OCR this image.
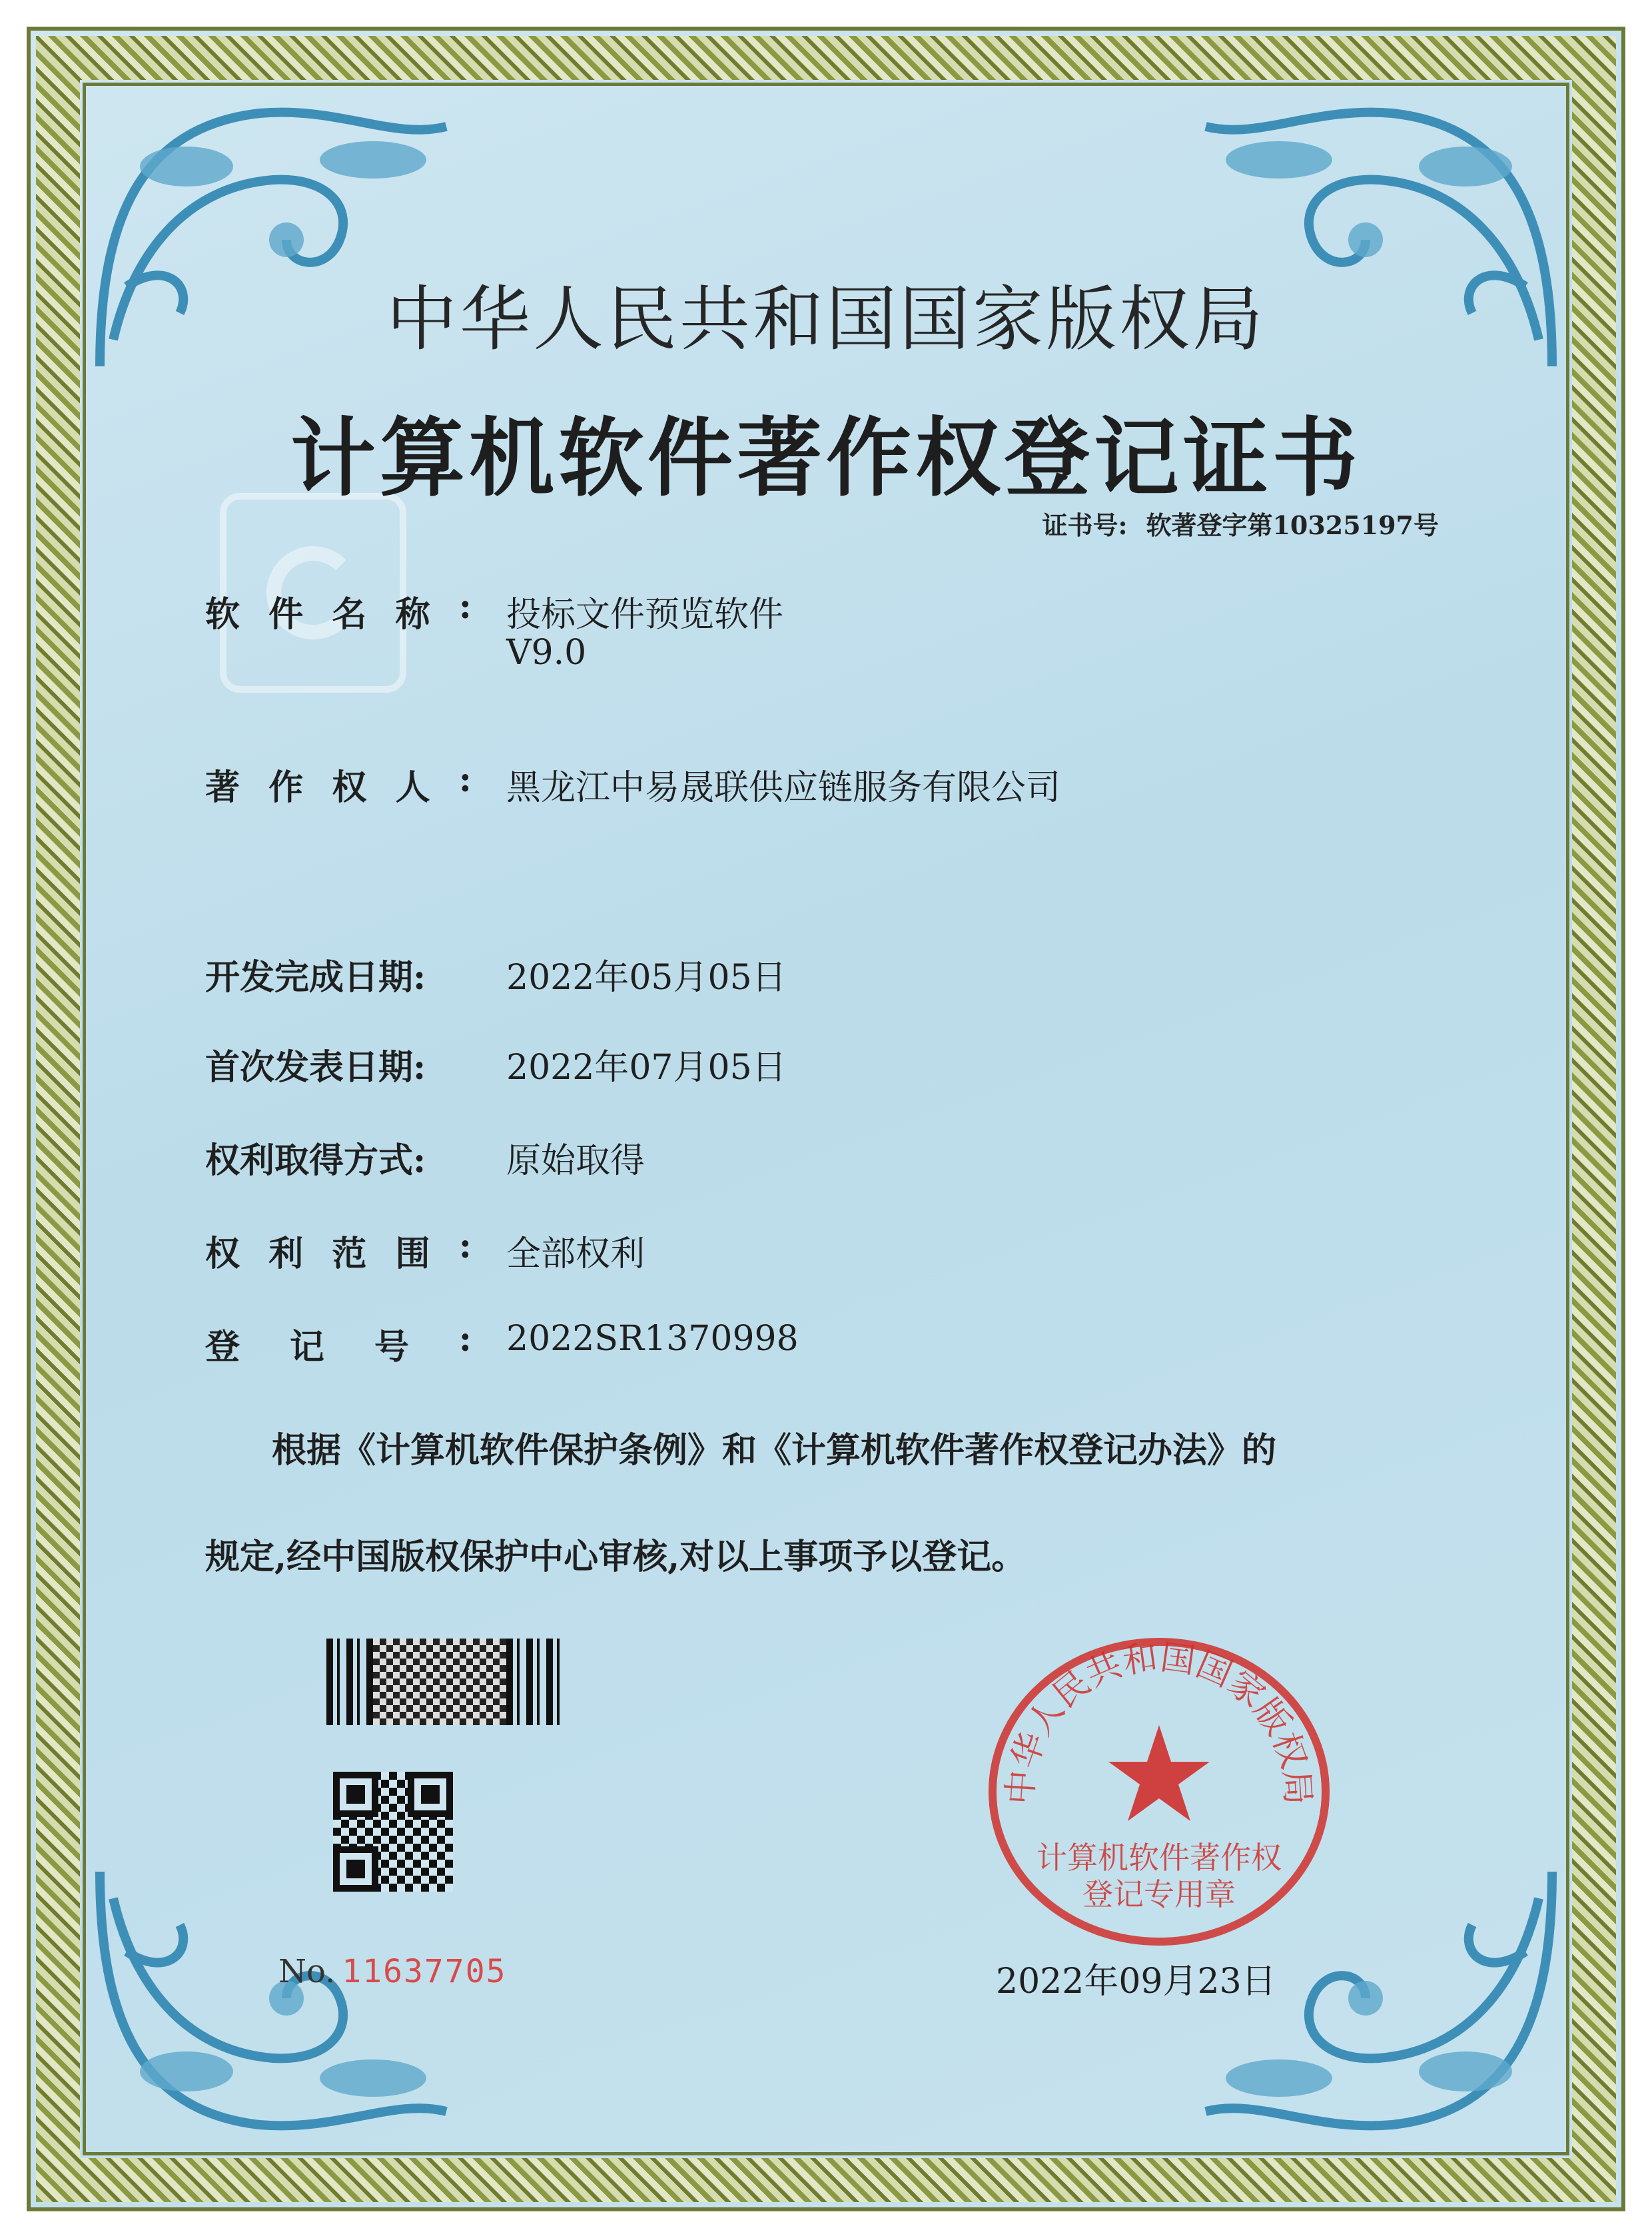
中华人民共和国国家版权局
计算机软件著作权登记证书
证书号: 软著登字第10325197号
软 件 名 称 : 投标文件预览软件
V9.0
著 作 权 人 : 黑龙江中易晟联供应链服务有限公司
开发完成日期:	2022年05月05日
首次发表日期:	2022年07月05日
权利取得方式:	原始取得
权 利 范 围 : 全部权利
登 记 号 : 2022SR1370998
根据《计算机软件保护条例》和《计算机软件著作权登记办法》的
规定,经中国版权保护中心审核,对以上事项予以登记。
No. 11637705
中华人民共和国国家版权局
计算机软件著作权
登记专用章
2022年09月23日
